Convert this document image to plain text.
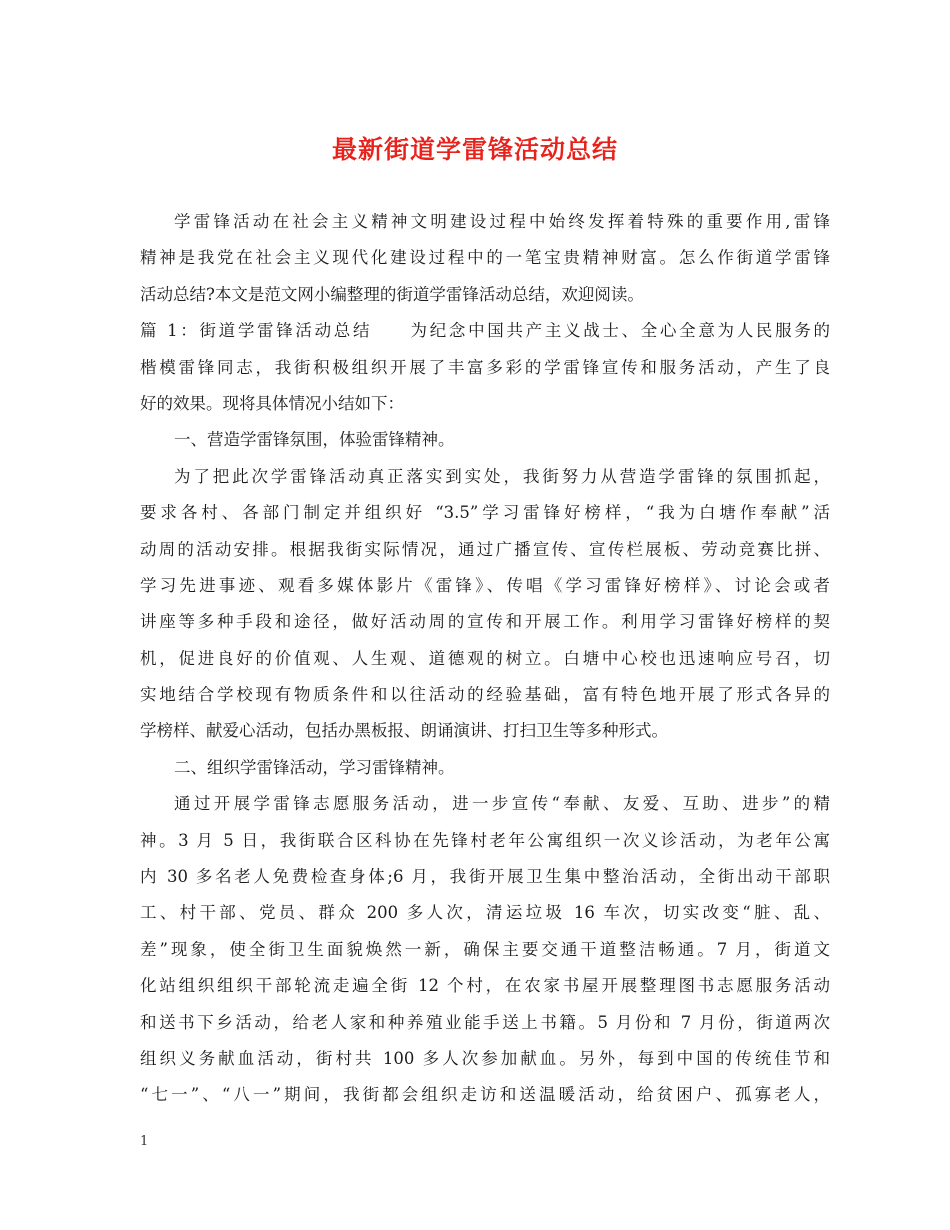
最新街道学雷锋活动总结
学雷锋活动在社会主义精神文明建设过程中始终发挥着特殊的重要作用,雷锋
精神是我党在社会主义现代化建设过程中的一笔宝贵精神财富。怎么作街道学雷锋
活动总结?本文是范文网小编整理的街道学雷锋活动总结，欢迎阅读。
篇 1：街道学雷锋活动总结　　为纪念中国共产主义战士、全心全意为人民服务的
楷模雷锋同志，我街积极组织开展了丰富多彩的学雷锋宣传和服务活动，产生了良
好的效果。现将具体情况小结如下：
一、营造学雷锋氛围，体验雷锋精神。
为了把此次学雷锋活动真正落实到实处，我街努力从营造学雷锋的氛围抓起，
要求各村、各部门制定并组织好 “3.5”学习雷锋好榜样，“我为白塘作奉献”活
动周的活动安排。根据我街实际情况，通过广播宣传、宣传栏展板、劳动竞赛比拼、
学习先进事迹、观看多媒体影片《雷锋》、传唱《学习雷锋好榜样》、讨论会或者
讲座等多种手段和途径，做好活动周的宣传和开展工作。利用学习雷锋好榜样的契
机，促进良好的价值观、人生观、道德观的树立。白塘中心校也迅速响应号召，切
实地结合学校现有物质条件和以往活动的经验基础，富有特色地开展了形式各异的
学榜样、献爱心活动，包括办黑板报、朗诵演讲、打扫卫生等多种形式。
二、组织学雷锋活动，学习雷锋精神。
通过开展学雷锋志愿服务活动，进一步宣传“奉献、友爱、互助、进步”的精
神。3 月 5 日，我街联合区科协在先锋村老年公寓组织一次义诊活动，为老年公寓
内 30 多名老人免费检查身体;6 月，我街开展卫生集中整治活动，全街出动干部职
工、村干部、党员、群众 200 多人次，清运垃圾 16 车次，切实改变“脏、乱、
差”现象，使全街卫生面貌焕然一新，确保主要交通干道整洁畅通。7 月，街道文
化站组织组织干部轮流走遍全街 12 个村，在农家书屋开展整理图书志愿服务活动
和送书下乡活动，给老人家和种养殖业能手送上书籍。5 月份和 7 月份，街道两次
组织义务献血活动，街村共 100 多人次参加献血。另外，每到中国的传统佳节和
“七一”、“八一”期间，我街都会组织走访和送温暖活动，给贫困户、孤寡老人，
1
